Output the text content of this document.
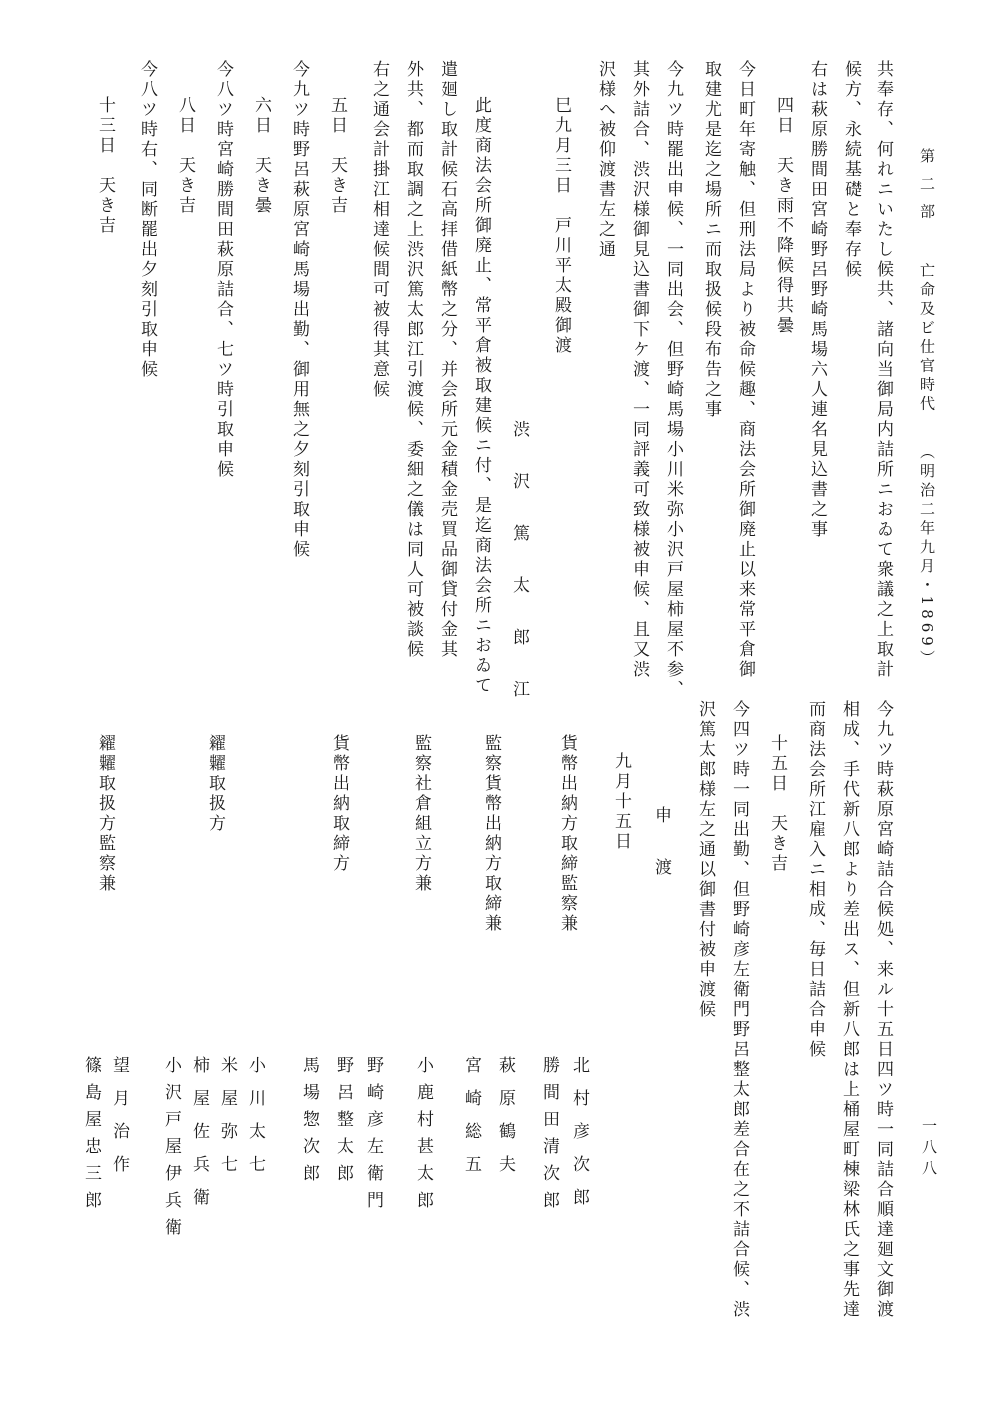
第 二 部  亡命及ビ仕官時代  （明治二年九月・1869）
一八八
共奉存、何れニいたし候共、諸向当御局内詰所ニおゐて衆議之上取計
候方、永続基礎と奉存候
右は萩原勝間田宮崎野呂野崎馬場六人連名見込書之事
四日　天き雨不降候得共曇
今日町年寄触、但刑法局より被命候趣、商法会所御廃止以来常平倉御
取建尤是迄之場所ニ而取扱候段布告之事
今九ツ時罷出申候、一同出会、但野崎馬場小川米弥小沢戸屋柿屋不参、
其外詰合、渋沢様御見込書御下ケ渡、一同評義可致様被申候、且又渋
沢様へ被仰渡書左之通
巳九月三日　戸川平太殿御渡
渋　沢　篤　太　郎　江
此度商法会所御廃止、常平倉被取建候ニ付、是迄商法会所ニおゐて
遣廻し取計候石高拝借紙幣之分、并会所元金積金売買品御貸付金其
外共、都而取調之上渋沢篤太郎江引渡候、委細之儀は同人可被談候
右之通会計掛江相達候間可被得其意候
五日　天き吉
今九ツ時野呂萩原宮崎馬場出勤、御用無之夕刻引取申候
六日　天き曇
今八ツ時宮崎勝間田萩原詰合、七ツ時引取申候
八日　天き吉
今八ツ時右、同断罷出夕刻引取申候
十三日　天き吉
今九ツ時萩原宮崎詰合候処、来ル十五日四ツ時一同詰合順達廻文御渡
相成、手代新八郎より差出ス、但新八郎は上桶屋町棟梁林氏之事先達
而商法会所江雇入ニ相成、毎日詰合申候
十五日　天き吉
今四ツ時一同出勤、但野崎彦左衛門野呂整太郎差合在之不詰合候、渋
沢篤太郎様左之通以御書付被申渡候
申　渡
九月十五日
貨幣出納方取締監察兼
監察貨幣出納方取締兼
監察社倉組立方兼
貨幣出納取締方
糴糶取扱方
糴糶取扱方監察兼
北村彦次郎
勝間田清次郎
萩原鶴夫
宮崎総五
小鹿村甚太郎
野崎彦左衛門
野呂整太郎
馬場惣次郎
小川太七
米屋弥七
柿屋佐兵衛
小沢戸屋伊兵衛
望月治作
篠島屋忠三郎
